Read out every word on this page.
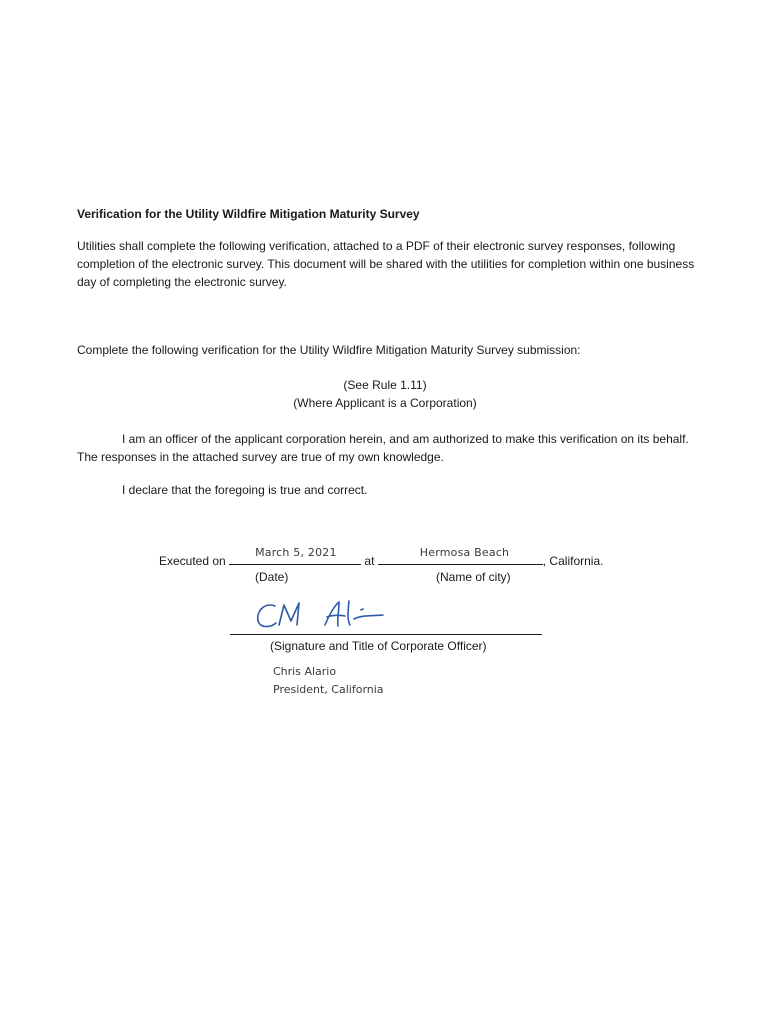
Verification for the Utility Wildfire Mitigation Maturity Survey
Utilities shall complete the following verification, attached to a PDF of their electronic survey responses, following completion of the electronic survey. This document will be shared with the utilities for completion within one business day of completing the electronic survey.
Complete the following verification for the Utility Wildfire Mitigation Maturity Survey submission:
(See Rule 1.11)
(Where Applicant is a Corporation)
I am an officer of the applicant corporation herein, and am authorized to make this verification on its behalf. The responses in the attached survey are true of my own knowledge.
I declare that the foregoing is true and correct.
Executed on
March 5, 2021
at
Hermosa Beach
, California.
(Date)	(Name of city)
(Signature and Title of Corporate Officer)
Chris Alario
President, California
